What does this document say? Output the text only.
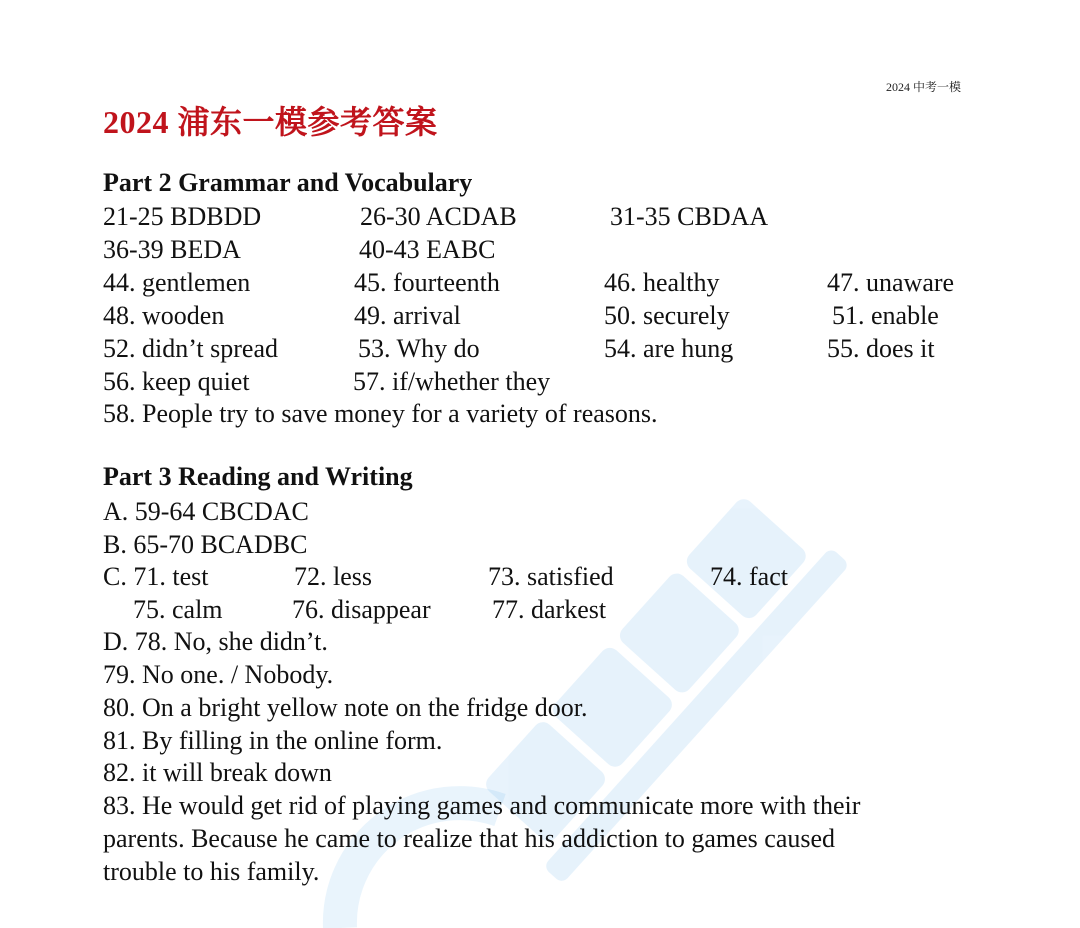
2024 中考一模
2024 浦东一模参考答案
Part 2 Grammar and Vocabulary
21-25 BDBDD	26-30 ACDAB	31-35 CBDAA
36-39 BEDA	40-43 EABC
44. gentlemen	45. fourteenth	46. healthy	47. unaware
48. wooden	49. arrival	50. securely	51. enable
52. didn’t spread	53. Why do	54. are hung	55. does it
56. keep quiet	57. if/whether they
58. People try to save money for a variety of reasons.
Part 3 Reading and Writing
A. 59-64 CBCDAC
B. 65-70 BCADBC
C. 71. test	72. less	73. satisfied	74. fact
75. calm	76. disappear 77. darkest
D. 78. No, she didn’t.
79. No one. / Nobody.
80. On a bright yellow note on the fridge door.
81. By filling in the online form.
82. it will break down
83. He would get rid of playing games and communicate more with their
parents. Because he came to realize that his addiction to games caused
trouble to his family.
